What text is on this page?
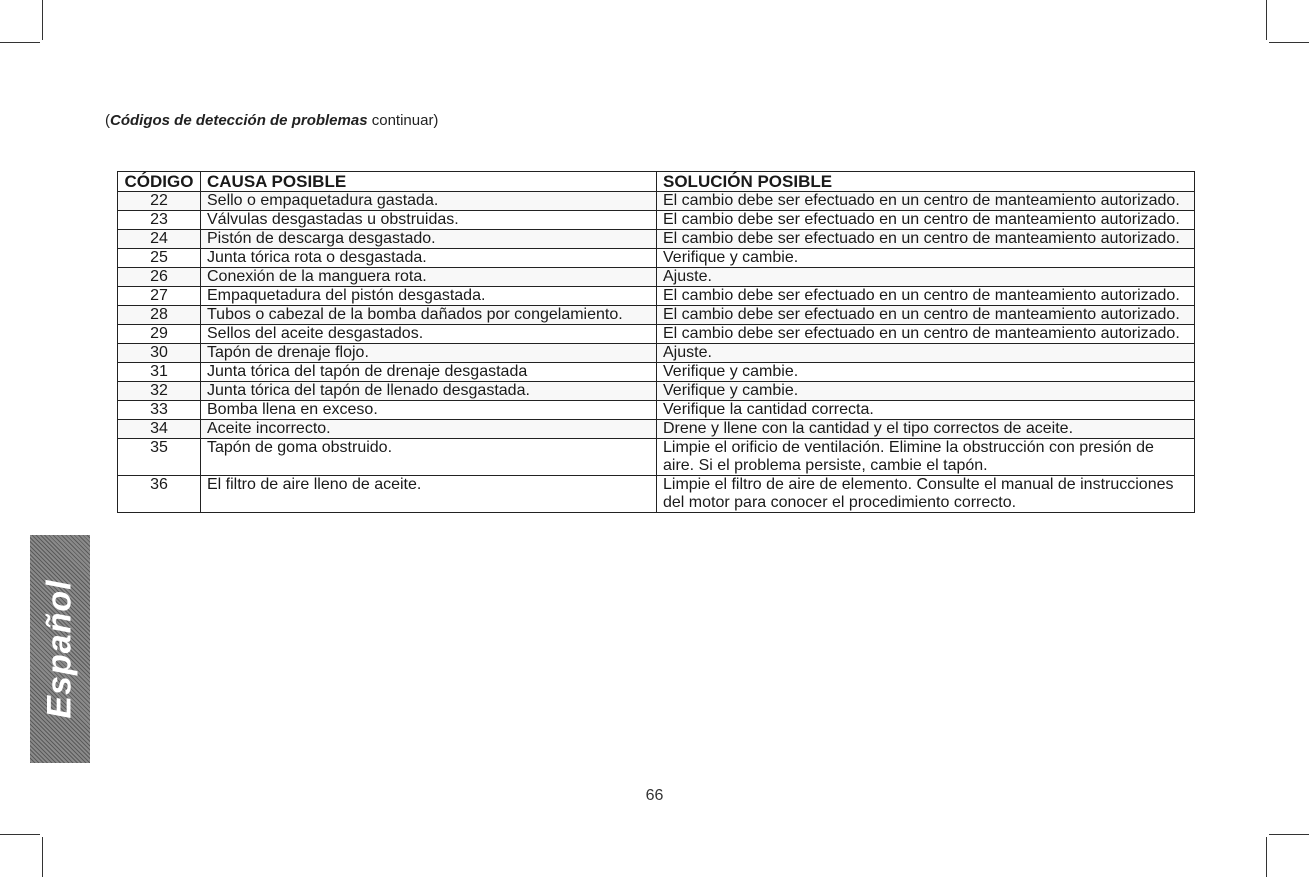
(Códigos de detección de problemas continuar)
CÓDIGO	CAUSA POSIBLE	SOLUCIÓN POSIBLE
22	Sello o empaquetadura gastada.	El cambio debe ser efectuado en un centro de manteamiento autorizado.
23	Válvulas desgastadas u obstruidas.	El cambio debe ser efectuado en un centro de manteamiento autorizado.
24	Pistón de descarga desgastado.	El cambio debe ser efectuado en un centro de manteamiento autorizado.
25	Junta tórica rota o desgastada.	Verifique y cambie.
26	Conexión de la manguera rota.	Ajuste.
27	Empaquetadura del pistón desgastada.	El cambio debe ser efectuado en un centro de manteamiento autorizado.
28	Tubos o cabezal de la bomba dañados por congelamiento.	El cambio debe ser efectuado en un centro de manteamiento autorizado.
29	Sellos del aceite desgastados.	El cambio debe ser efectuado en un centro de manteamiento autorizado.
30	Tapón de drenaje flojo.	Ajuste.
31	Junta tórica del tapón de drenaje desgastada	Verifique y cambie.
32	Junta tórica del tapón de llenado desgastada.	Verifique y cambie.
33	Bomba llena en exceso.	Verifique la cantidad correcta.
34	Aceite incorrecto.	Drene y llene con la cantidad y el tipo correctos de aceite.
35	Tapón de goma obstruido.	Limpie el orificio de ventilación. Elimine la obstrucción con presión de aire. Si el problema persiste, cambie el tapón.
36	El filtro de aire lleno de aceite.	Limpie el filtro de aire de elemento. Consulte el manual de instrucciones del motor para conocer el procedimiento correcto.
Español
66
